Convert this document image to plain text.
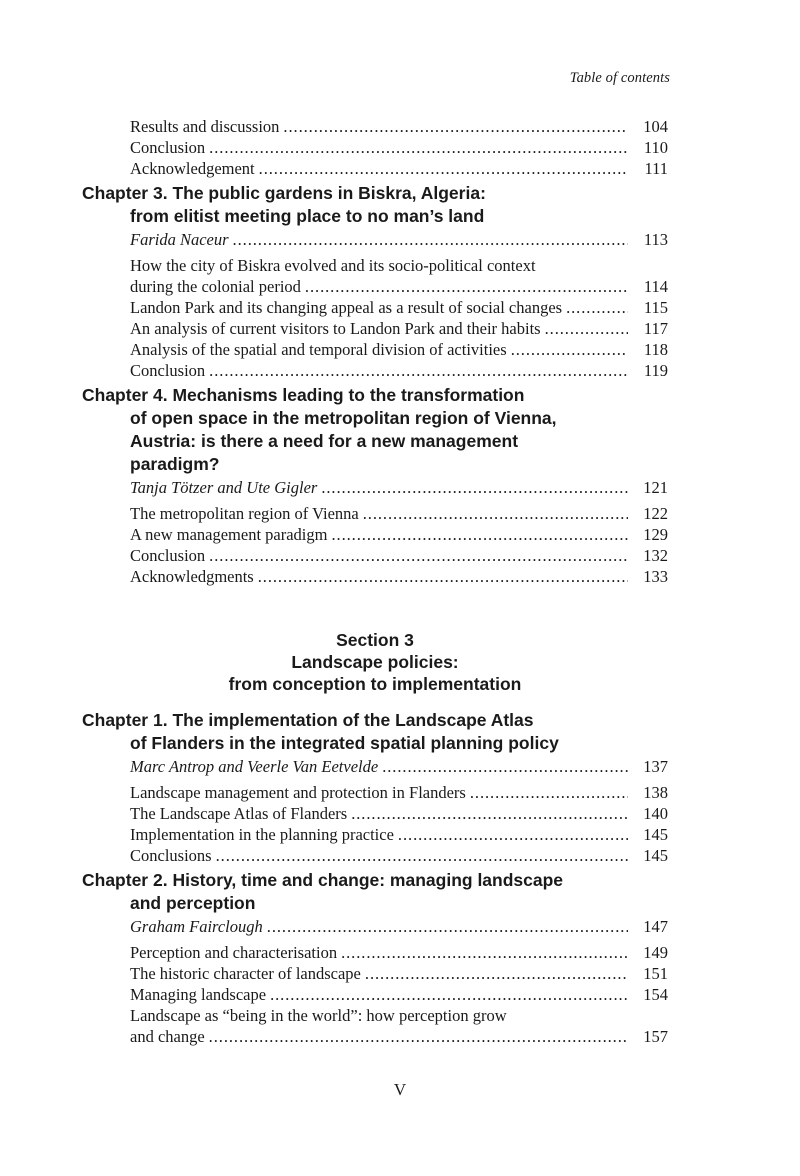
Table of contents
Results and discussion . . .	104
Conclusion . . .	110
Acknowledgement . . .	111
Chapter 3. The public gardens in Biskra, Algeria:
from elitist meeting place to no man’s land
Farida Naceur . . .	113
How the city of Biskra evolved and its socio-political context
during the colonial period . . .	114
Landon Park and its changing appeal as a result of social changes . . .	115
An analysis of current visitors to Landon Park and their habits . . .	117
Analysis of the spatial and temporal division of activities . . .	118
Conclusion . . .	119
Chapter 4. Mechanisms leading to the transformation
of open space in the metropolitan region of Vienna,
Austria: is there a need for a new management
paradigm?
Tanja Tötzer and Ute Gigler . . .	121
The metropolitan region of Vienna . . .	122
A new management paradigm . . .	129
Conclusion . . .	132
Acknowledgments . . .	133
Section 3
Landscape policies:
from conception to implementation
Chapter 1. The implementation of the Landscape Atlas
of Flanders in the integrated spatial planning policy
Marc Antrop and Veerle Van Eetvelde . . .	137
Landscape management and protection in Flanders . . .	138
The Landscape Atlas of Flanders . . .	140
Implementation in the planning practice . . .	145
Conclusions . . .	145
Chapter 2. History, time and change: managing landscape
and perception
Graham Fairclough . . .	147
Perception and characterisation . . .	149
The historic character of landscape . . .	151
Managing landscape . . .	154
Landscape as “being in the world”: how perception grow
and change . . .	157
V
